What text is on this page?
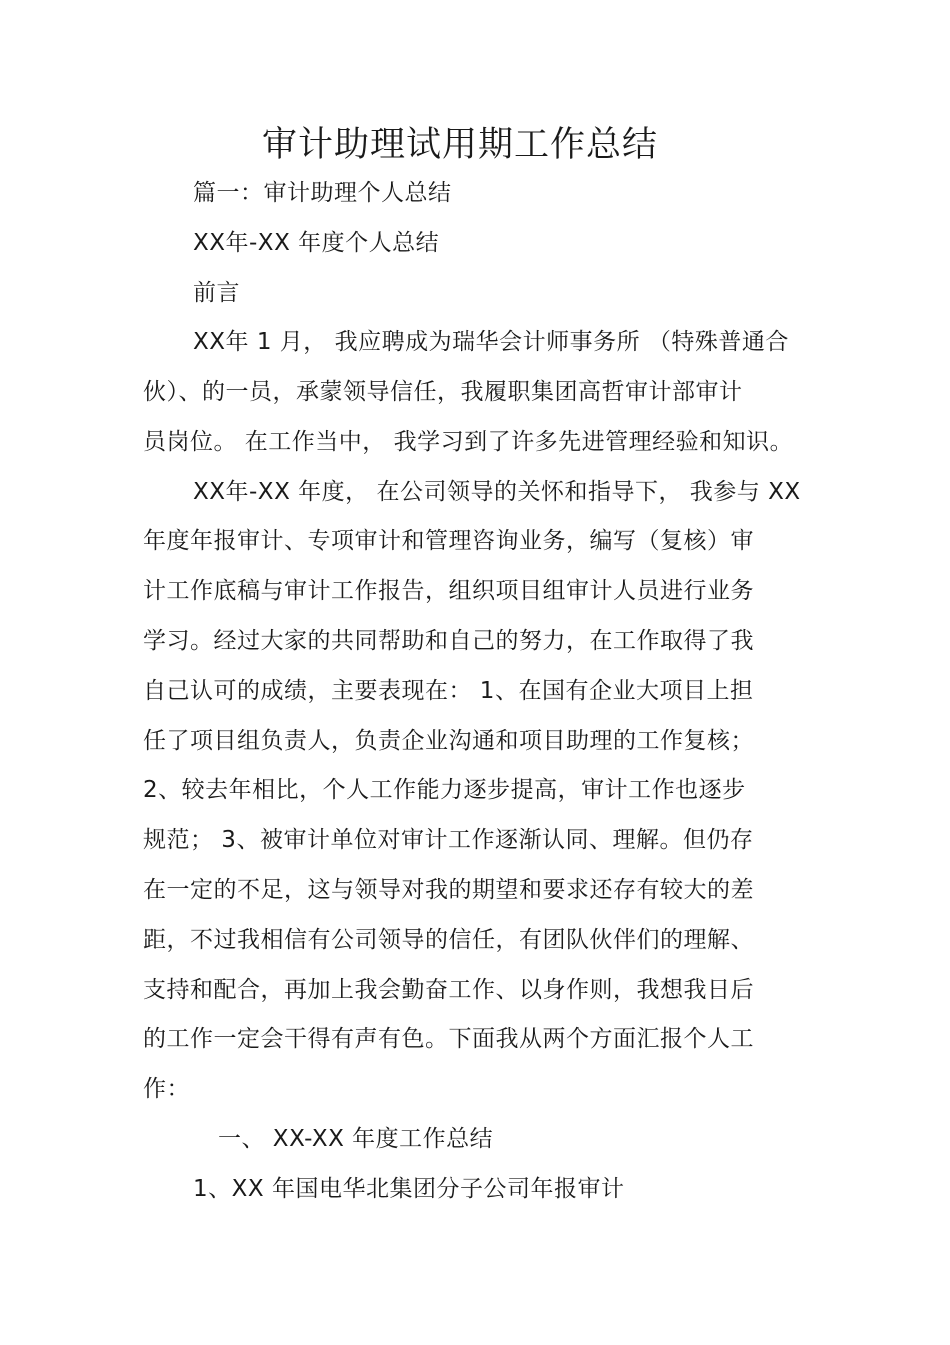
审计助理试用期工作总结
篇一：审计助理个人总结
XX年-XX 年度个人总结
前言
XX年 1 月， 我应聘成为瑞华会计师事务所 （特殊普通合
伙）、的一员，承蒙领导信任，我履职集团高哲审计部审计
员岗位。 在工作当中， 我学习到了许多先进管理经验和知识。
XX年-XX 年度， 在公司领导的关怀和指导下， 我参与 XX
年度年报审计、专项审计和管理咨询业务，编写（复核）审
计工作底稿与审计工作报告，组织项目组审计人员进行业务
学习。经过大家的共同帮助和自己的努力，在工作取得了我
自己认可的成绩，主要表现在： 1、在国有企业大项目上担
任了项目组负责人，负责企业沟通和项目助理的工作复核；
2、较去年相比，个人工作能力逐步提高，审计工作也逐步
规范； 3、被审计单位对审计工作逐渐认同、理解。但仍存
在一定的不足，这与领导对我的期望和要求还存有较大的差
距，不过我相信有公司领导的信任，有团队伙伴们的理解、
支持和配合，再加上我会勤奋工作、以身作则，我想我日后
的工作一定会干得有声有色。下面我从两个方面汇报个人工
作：
一、 XX-XX 年度工作总结
1、XX 年国电华北集团分子公司年报审计
